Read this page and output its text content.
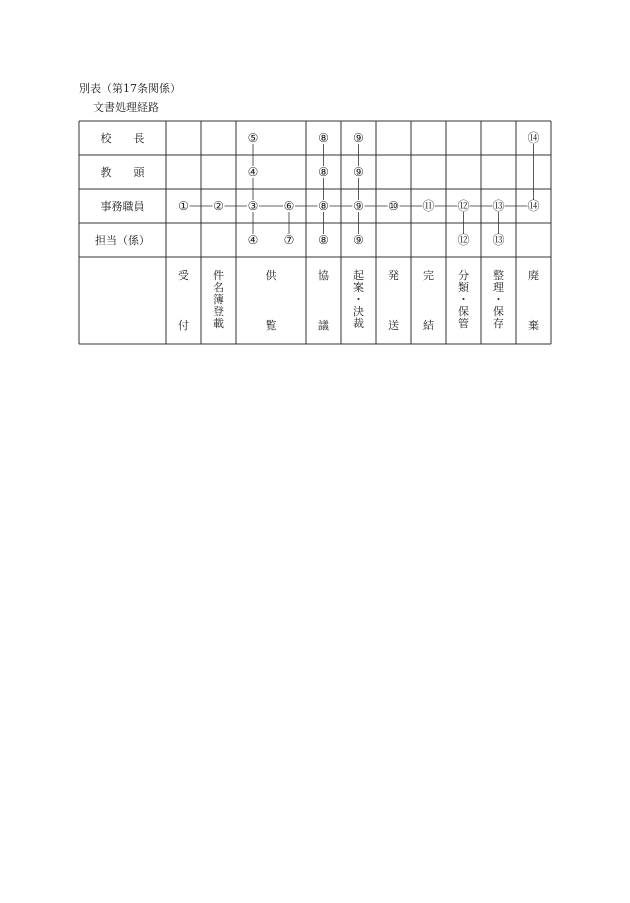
別表（第17条関係）
文書処理経路
校　　長
教　　頭
事務職員
担当（係）
受
付
件
名
簿
登
載
供
覧
協
議
起
案
・
決
裁
発
送
完
結
分
類
・
保
管
整
理
・
保
存
廃
棄
① ② ③
⑤
④
④
⑥
⑦
⑧
⑧
⑧
⑧
⑨
⑨
⑨
⑨
⑩ ⑪ ⑫
⑫
⑬
⑬
⑭
⑭
